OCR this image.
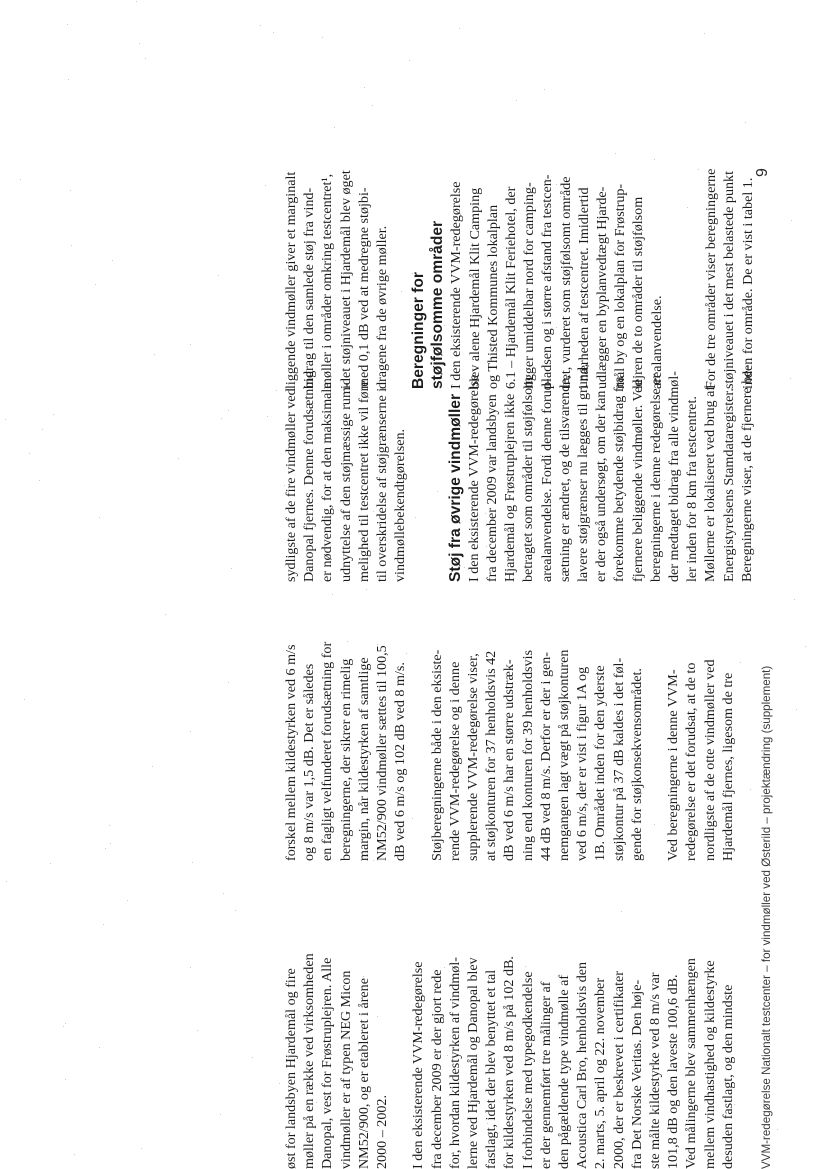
øst for landsbyen Hjardemål og fire møller på en række ved virksomheden Danopal, vest for Frøstruplejren. Alle vindmøller er af typen NEG Micon NM52/900, og er etableret i årene 2000 – 2002. I den eksisterende VVM-redegørelse fra december 2009 er der gjort rede for, hvordan kildestyrken af vindmøl- lerne ved Hjardemål og Danopal blev fastlagt, idet der blev benyttet et tal for kildestyrken ved 8 m/s på 102 dB. I forbindelse med typegodkendelse er der gennemført tre målinger af den pågældende type vindmølle af Acoustica Carl Bro, henholdsvis den 2. marts, 5. april og 22. november 2000, der er beskrevet i certifikater fra Det Norske Veritas. Den høje- ste målte kildestyrke ved 8 m/s var 101,8 dB og den laveste 100,6 dB. Ved målingerne blev sammenhængen mellem vindhastighed og kildestyrke desuden fastlagt, og den mindste
forskel mellem kildestyrken ved 6 m/s og 8 m/s var 1,5 dB. Det er således en fagligt velfunderet forudsætning for beregningerne, der sikrer en rimelig margin, når kildestyrken af samtlige NM52/900 vindmøller sættes til 100,5 dB ved 6 m/s og 102 dB ved 8 m/s. Støjberegningerne både i den eksiste- rende VVM-redegørelse og i denne supplerende VVM-redegørelse viser, at støjkonturen for 37 henholdsvis 42 dB ved 6 m/s har en større udstræk- ning end konturen for 39 henholdsvis 44 dB ved 8 m/s. Derfor er der i gen- nemgangen lagt vægt på støjkonturen ved 6 m/s, der er vist i figur 1A og 1B. Området inden for den yderste støjkontur på 37 dB kaldes i det føl- gende for støjkonsekvensområdet. Ved beregningerne i denne VVM- redegørelse er det forudsat, at de to nordligste af de otte vindmøller ved Hjardemål fjernes, ligesom de tre
sydligste af de fire vindmøller ved Danopal fjernes. Denne forudsætning er nødvendig, for at den maksimale udnyttelse af den støjmæssige rum- melighed til testcentret ikke vil føre til overskridelse af støjgrænserne i vindmøllebekendtgørelsen. Støj fra øvrige vindmøller I den eksisterende VVM-redegørelse fra december 2009 var landsbyen Hjardemål og Frøstruplejren ikke betragtet som områder til støjfølsom arealanvendelse. Fordi denne forud- sætning er ændret, og de tilsvarende, lavere støjgrænser nu lægges til grund, er der også undersøgt, om der kan forekomme betydende støjbidrag fra fjernere beliggende vindmøller. Ved beregningerne i denne redegørelse er der medtaget bidrag fra alle vindmøl- ler inden for 8 km fra testcentret. Møllerne er lokaliseret ved brug af Energistyrelsens Stamdataregister. Beregningerne viser, at de fjernere be-
liggende vindmøller giver et marginalt bidrag til den samlede støj fra vind- møller i områder omkring testcentret¹, idet støjniveauet i Hjardemål blev øget med 0,1 dB ved at medregne støjbi- dragene fra de øvrige møller. Beregninger for støjfølsomme områder I den eksisterende VVM-redegørelse blev alene Hjardemål Klit Camping og Thisted Kommunes lokalplan 6.1 – Hjardemål Klit Feriehotel, der ligger umiddelbar nord for camping- pladsen og i større afstand fra testcen- tret, vurderet som støjfølsomt område i nærheden af testcentret. Imidlertid udlægger en byplanvedtægt Hjarde- mål by og en lokalplan for Frøstrup- lejren de to områder til støjfølsom arealanvendelse.	For de tre områder viser beregningerne støjniveauet i det mest belastede punkt inden for område. De er vist i tabel 1.
VVM-redegørelse Nationalt testcenter – for vindmøller ved Østerild – projektændring (supplement)
9
